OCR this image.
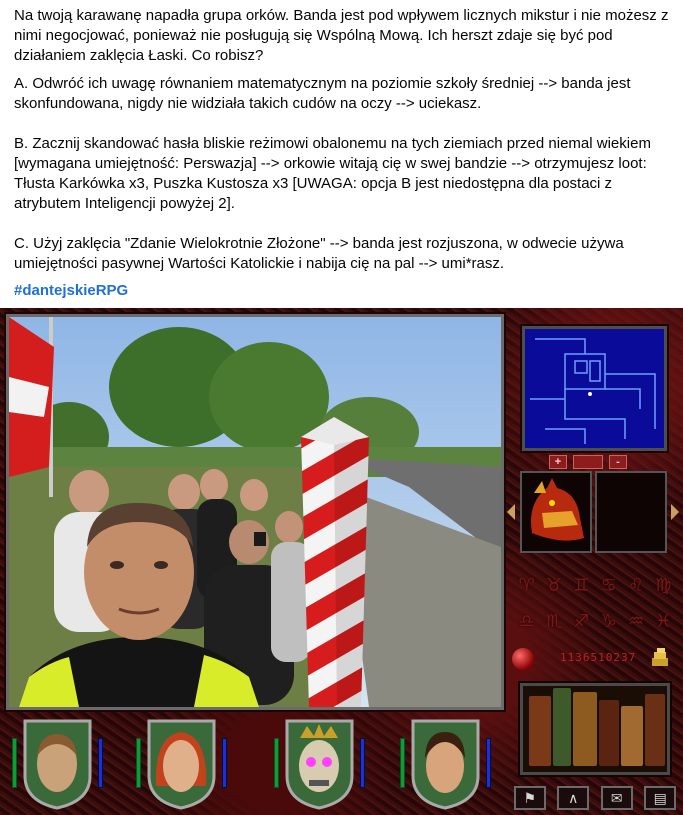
Na twoją karawanę napadła grupa orków. Banda jest pod wpływem licznych mikstur i nie możesz z nimi negocjować, ponieważ nie posługują się Wspólną Mową. Ich herszt zdaje się być pod działaniem zaklęcia Łaski. Co robisz?

A. Odwróć ich uwagę równaniem matematycznym na poziomie szkoły średniej --> banda jest skonfundowana, nigdy nie widziała takich cudów na oczy --> uciekasz.

B. Zacznij skandować hasła bliskie reżimowi obalonemu na tych ziemiach przed niemal wiekiem [wymagana umiejętność: Perswazja] --> orkowie witają cię w swej bandzie --> otrzymujesz loot: Tłusta Karkówka x3, Puszka Kustosza x3 [UWAGA: opcja B jest niedostępna dla postaci z atrybutem Inteligencji powyżej 2].

C. Użyj zaklęcia "Zdanie Wielokrotnie Złożone" --> banda jest rozjuszona, w odwecie używa umiejętności pasywnej Wartości Katolickie i nabija cię na pal --> umi*rasz.

#dantejskieRPG

+	-
♈ ♉ ♊ ♋ ♌ ♍
♎ ♏ ♐ ♑ ♒ ♓
1136510237
⚑	∧	✉	▤
